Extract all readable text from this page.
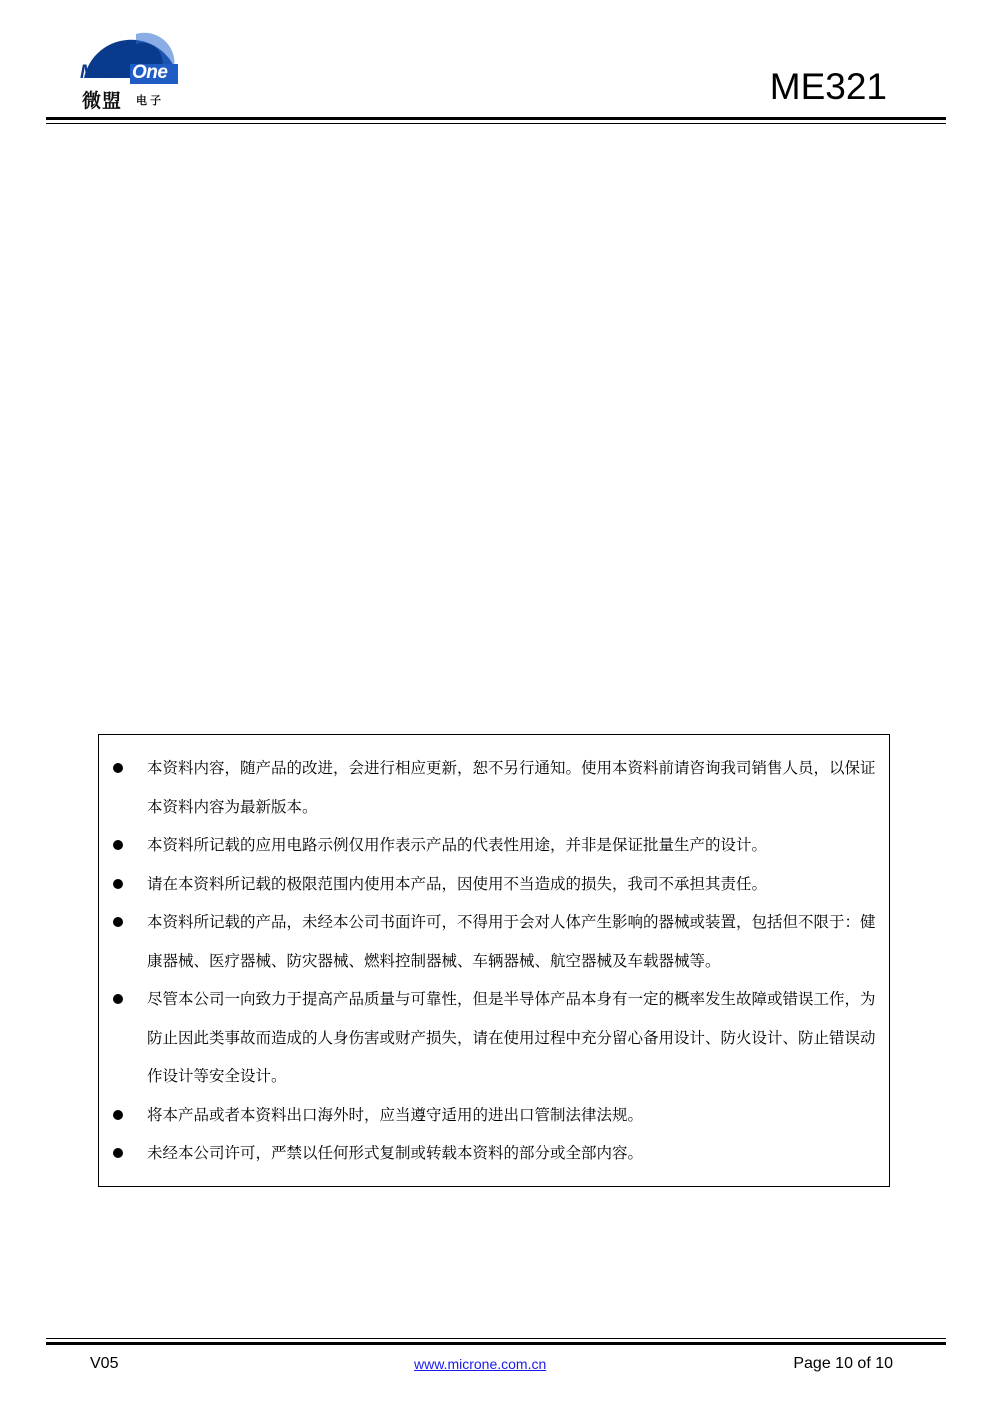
Micr One
微盟 电子	ME321
本资料内容，随产品的改进，会进行相应更新，恕不另行通知。使用本资料前请咨询我司销售人员，以保证本资料内容为最新版本。
本资料所记载的应用电路示例仅用作表示产品的代表性用途，并非是保证批量生产的设计。
请在本资料所记载的极限范围内使用本产品，因使用不当造成的损失，我司不承担其责任。
本资料所记载的产品，未经本公司书面许可，不得用于会对人体产生影响的器械或装置，包括但不限于：健康器械、医疗器械、防灾器械、燃料控制器械、车辆器械、航空器械及车载器械等。
尽管本公司一向致力于提高产品质量与可靠性，但是半导体产品本身有一定的概率发生故障或错误工作，为防止因此类事故而造成的人身伤害或财产损失，请在使用过程中充分留心备用设计、防火设计、防止错误动作设计等安全设计。
将本产品或者本资料出口海外时，应当遵守适用的进出口管制法律法规。
未经本公司许可，严禁以任何形式复制或转载本资料的部分或全部内容。
V05	www.microne.com.cn	Page 10 of 10
